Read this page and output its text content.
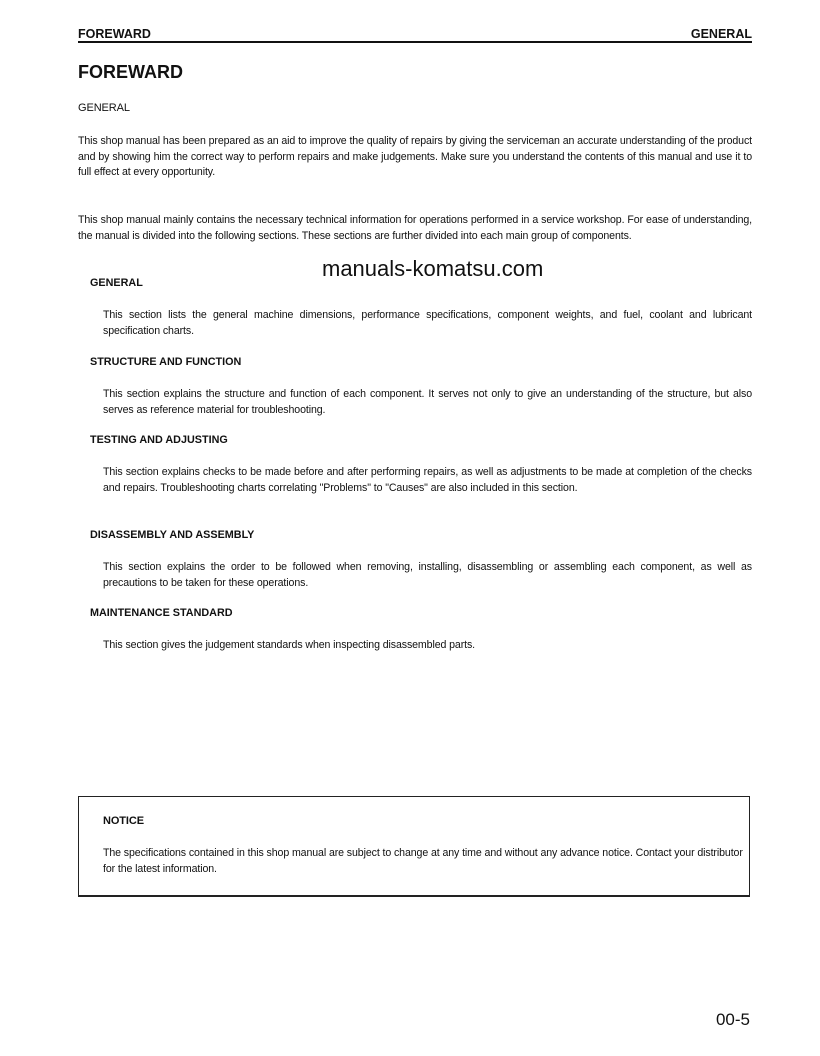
FOREWARD	GENERAL
FOREWARD
GENERAL
This shop manual has been prepared as an aid to improve the quality of repairs by giving the serviceman an accurate understanding of the product and by showing him the correct way to perform repairs and make judgements. Make sure you understand the contents of this manual and use it to full effect at every opportunity.
This shop manual mainly contains the necessary technical information for operations performed in a service workshop. For ease of understanding, the manual is divided into the following sections. These sections are further divided into each main group of components.
manuals-komatsu.com
GENERAL
This section lists the general machine dimensions, performance specifications, component weights, and fuel, coolant and lubricant specification charts.
STRUCTURE AND FUNCTION
This section explains the structure and function of each component. It serves not only to give an understanding of the structure, but also serves as reference material for troubleshooting.
TESTING AND ADJUSTING
This section explains checks to be made before and after performing repairs, as well as adjustments to be made at completion of the checks and repairs. Troubleshooting charts correlating "Problems" to "Causes" are also included in this section.
DISASSEMBLY AND ASSEMBLY
This section explains the order to be followed when removing, installing, disassembling or assembling each component, as well as precautions to be taken for these operations.
MAINTENANCE STANDARD
This section gives the judgement standards when inspecting disassembled parts.
NOTICE
The specifications contained in this shop manual are subject to change at any time and without any advance notice. Contact your distributor for the latest information.
00-5
